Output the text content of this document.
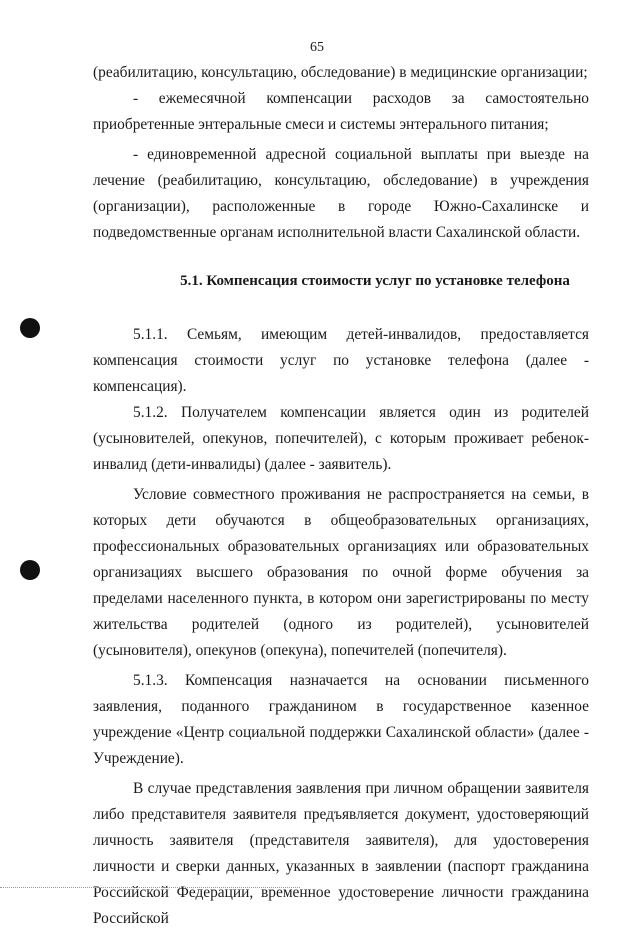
65

(реабилитацию, консультацию, обследование) в медицинские организации;

- ежемесячной компенсации расходов за самостоятельно приобретенные энтеральные смеси и системы энтерального питания;

- единовременной адресной социальной выплаты при выезде на лечение (реабилитацию, консультацию, обследование) в учреждения (организации), расположенные в городе Южно-Сахалинске и подведомственные органам исполнительной власти Сахалинской области.

5.1. Компенсация стоимости услуг по установке телефона

5.1.1. Семьям, имеющим детей-инвалидов, предоставляется компенсация стоимости услуг по установке телефона (далее - компенсация).

5.1.2. Получателем компенсации является один из родителей (усыновителей, опекунов, попечителей), с которым проживает ребенок-инвалид (дети-инвалиды) (далее - заявитель).

Условие совместного проживания не распространяется на семьи, в которых дети обучаются в общеобразовательных организациях, профессиональных образовательных организациях или образовательных организациях высшего образования по очной форме обучения за пределами населенного пункта, в котором они зарегистрированы по месту жительства родителей (одного из родителей), усыновителей (усыновителя), опекунов (опекуна), попечителей (попечителя).

5.1.3. Компенсация назначается на основании письменного заявления, поданного гражданином в государственное казенное учреждение «Центр социальной поддержки Сахалинской области» (далее - Учреждение).

В случае представления заявления при личном обращении заявителя либо представителя заявителя предъявляется документ, удостоверяющий личность заявителя (представителя заявителя), для удостоверения личности и сверки данных, указанных в заявлении (паспорт гражданина Российской Федерации, временное удостоверение личности гражданина Российской
